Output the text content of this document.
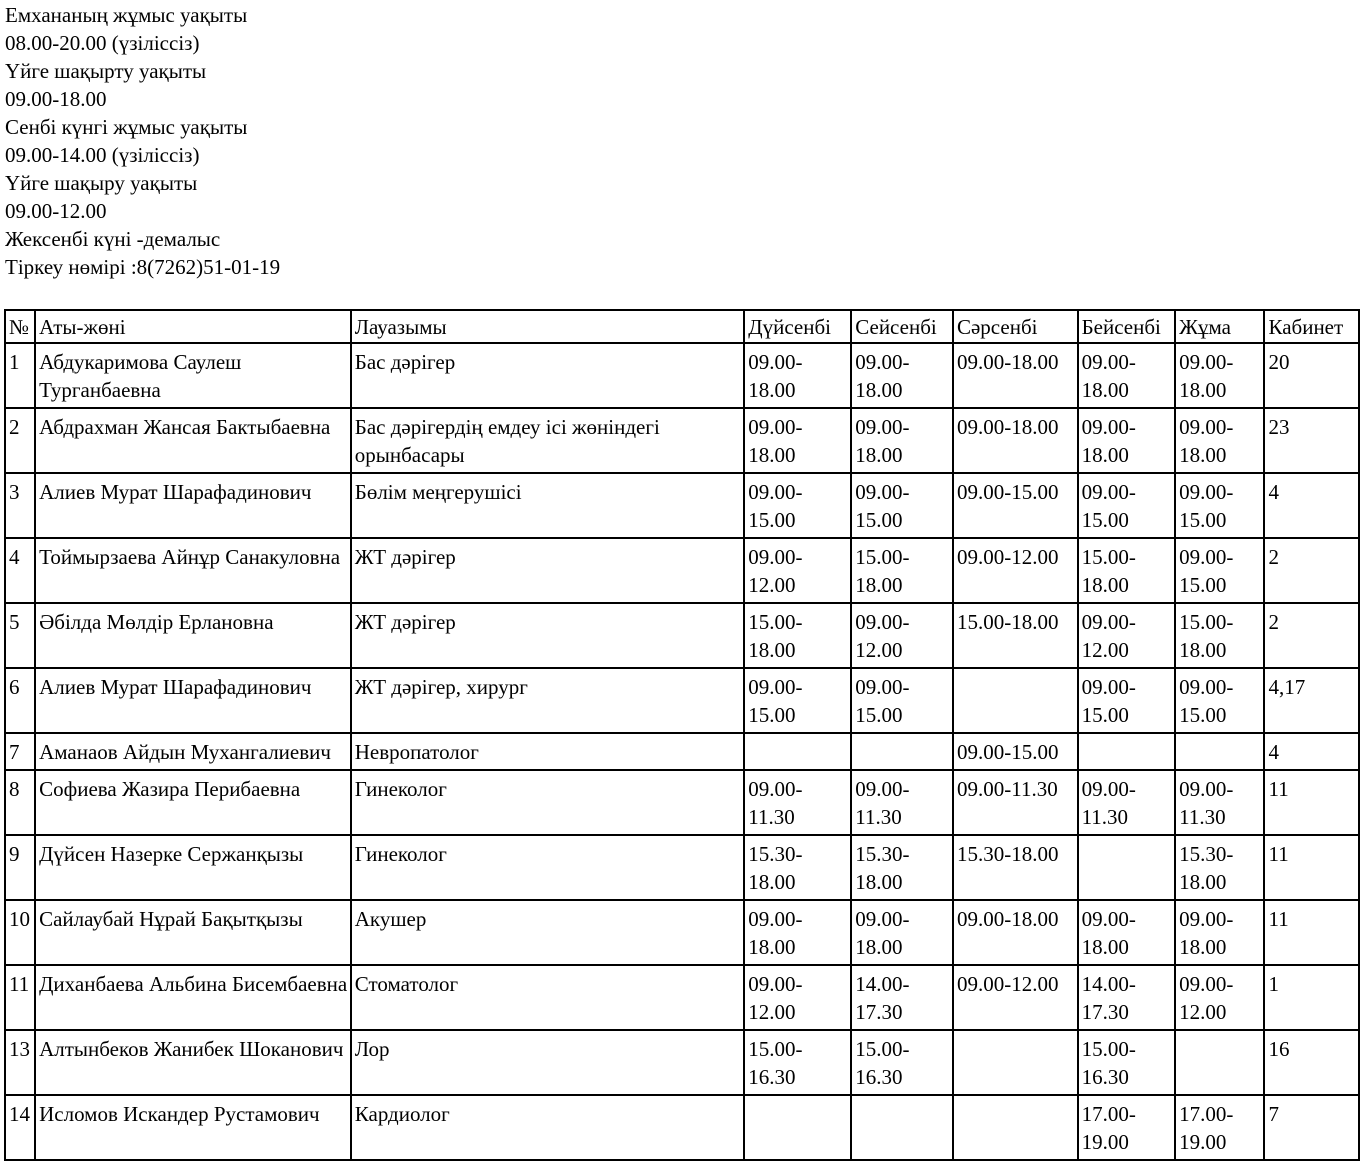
Емхананың жұмыс уақыты
08.00-20.00 (үзіліссіз)
Үйге шақырту уақыты
09.00-18.00
Сенбі күнгі жұмыс уақыты
09.00-14.00 (үзіліссіз)
Үйге шақыру уақыты
09.00-12.00
Жексенбі күні -демалыс
Тіркеу нөмірі :8(7262)51-01-19
№	Аты-жөні	Лауазымы	Дүйсенбі	Сейсенбі	Сәрсенбі	Бейсенбі	Жұма	Кабинет
1	Абдукаримова Саулеш Турганбаевна	Бас дәрігер	09.00-18.00	09.00-18.00	09.00-18.00	09.00-18.00	09.00-18.00	20
2	Абдрахман Жансая Бактыбаевна	Бас дәрігердің емдеу ісі жөніндегі орынбасары	09.00-18.00	09.00-18.00	09.00-18.00	09.00-18.00	09.00-18.00	23
3	Алиев Мурат Шарафадинович	Бөлім меңгерушісі	09.00-15.00	09.00-15.00	09.00-15.00	09.00-15.00	09.00-15.00	4
4	Тоймырзаева Айнұр Санакуловна	ЖТ дәрігер	09.00-12.00	15.00-18.00	09.00-12.00	15.00-18.00	09.00-15.00	2
5	Әбілда Мөлдір Ерлановна	ЖТ дәрігер	15.00-18.00	09.00-12.00	15.00-18.00	09.00-12.00	15.00-18.00	2
6	Алиев Мурат Шарафадинович	ЖТ дәрігер, хирург	09.00-15.00	09.00-15.00		09.00-15.00	09.00-15.00	4,17
7	Аманаов Айдын Мухангалиевич	Невропатолог			09.00-15.00			4
8	Софиева Жазира Перибаевна	Гинеколог	09.00-11.30	09.00-11.30	09.00-11.30	09.00-11.30	09.00-11.30	11
9	Дүйсен Назерке Сержанқызы	Гинеколог	15.30-18.00	15.30-18.00	15.30-18.00		15.30-18.00	11
10	Сайлаубай Нұрай Бақытқызы	Акушер	09.00-18.00	09.00-18.00	09.00-18.00	09.00-18.00	09.00-18.00	11
11	Диханбаева Альбина Бисембаевна	Стоматолог	09.00-12.00	14.00-17.30	09.00-12.00	14.00-17.30	09.00-12.00	1
13	Алтынбеков Жанибек Шоканович	Лор	15.00-16.30	15.00-16.30		15.00-16.30		16
14	Исломов Искандер Рустамович	Кардиолог				17.00-19.00	17.00-19.00	7
